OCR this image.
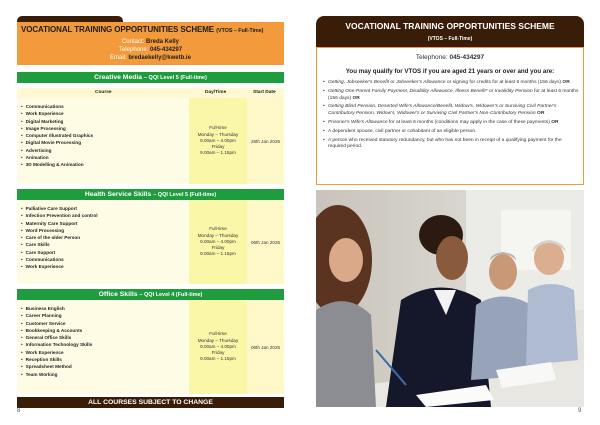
VOCATIONAL TRAINING OPPORTUNITIES SCHEME (VTOS – Full-Time)
Contact: Breda Kelly
Telephone: 045-434297
Email: bredaekelly@kwetb.ie
Creative Media – QQI Level 5 (Full-time)
Course	Day/Time	Start Date
• Communications
• Work Experience
• Digital Marketing
• Image Processing
• Computer Illustrated Graphics
• Digital Movie Processing
• Advertising
• Animation
• 3D Modelling & Animation
Full-time
Monday – Thursday
9.00am – 4.00pm
Friday
9.00am – 1.15pm
26th Jan 2025
Health Service Skills – QQI Level 5 (Full-time)
• Palliative Care Support
• Infection Prevention and control
• Maternity Care Support
• Word Processing
• Care of the older Person
• Care Skills
• Care Support
• Communications
• Work Experience
Full-time
Monday – Thursday
9.00am – 4.00pm
Friday
9.00am – 1.15pm
06th Jan 2025
Office Skills – QQI Level 4 (Full-time)
• Business English
• Career Planning
• Customer Service
• Bookkeeping & Accounts
• General Office Skills
• Information Technology Skills
• Work Experience
• Reception Skills
• Spreadsheet Method
• Team Working
Full-time
Monday – Thursday
9.00am – 4.00pm
Friday
9.00am – 1.15pm
06th Jan 2025
ALL COURSES SUBJECT TO CHANGE
8
VOCATIONAL TRAINING OPPORTUNITIES SCHEME
(VTOS – Full-Time)
Telephone: 045-434297
You may qualify for VTOS if you are aged 21 years or over and you are:
• Getting, Jobseeker's Benefit or Jobseeker's Allowance or signing for credits for at least 6 months (156 days) OR
• Getting One-Parent Family Payment, Disability Allowance, Illness Benefit* or Invalidity Pension for at least 6 months (156 days) OR
• Getting Blind Pension, Deserted Wife's Allowance/Benefit, Widow's, Widower's or Surviving Civil Partner's Contributory Pension, Widow's, Widower's or Surviving Civil Partner's Non-Contributory Pension OR
• Prisoner's Wife's Allowance for at least 6 months (conditions may apply in the case of these payments) OR
• A dependent spouse, civil partner or cohabitant of an eligible person.
• A person who received statutory redundancy, but who has not been in receipt of a qualifying payment for the required period.
9
